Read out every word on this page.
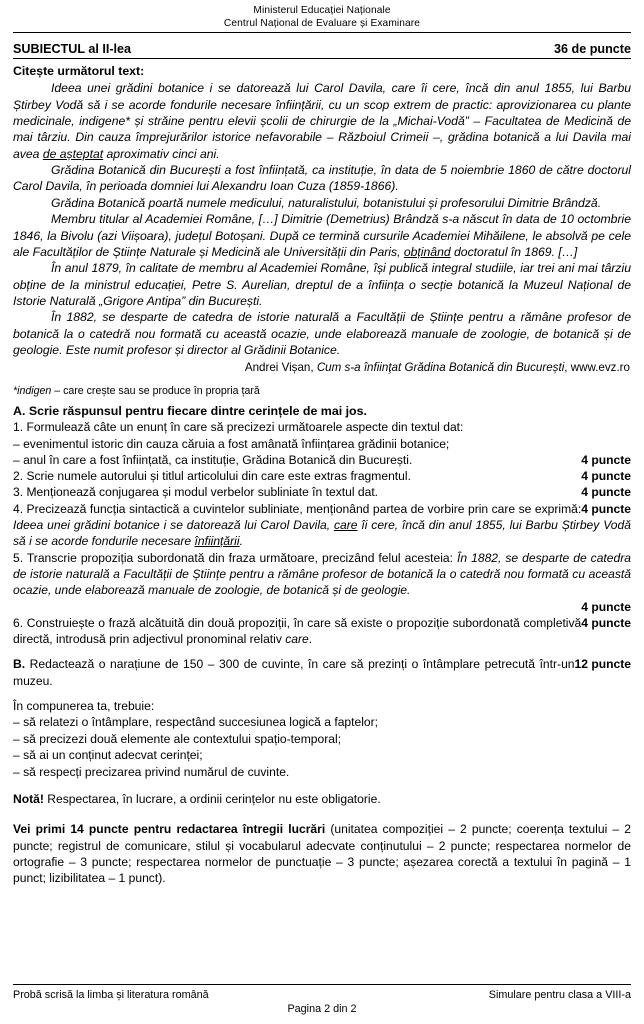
Ministerul Educației Naționale
Centrul Național de Evaluare și Examinare
SUBIECTUL al II-lea	36 de puncte
Citește următorul text:

Ideea unei grădini botanice i se datorează lui Carol Davila, care îi cere, încă din anul 1855, lui Barbu Știrbey Vodă să i se acorde fondurile necesare înființării, cu un scop extrem de practic: aprovizionarea cu plante medicinale, indigene* și străine pentru elevii școlii de chirurgie de la „Michai-Vodă” – Facultatea de Medicină de mai târziu. Din cauza împrejurărilor istorice nefavorabile – Războiul Crimeii –, grădina botanică a lui Davila mai avea de așteptat aproximativ cinci ani.

Grădina Botanică din București a fost înființată, ca instituție, în data de 5 noiembrie 1860 de către doctorul Carol Davila, în perioada domniei lui Alexandru Ioan Cuza (1859-1866).

Grădina Botanică poartă numele medicului, naturalistului, botanistului și profesorului Dimitrie Brândză.

Membru titular al Academiei Române, […] Dimitrie (Demetrius) Brândză s-a născut în data de 10 octombrie 1846, la Bivolu (azi Viișoara), județul Botoșani. După ce termină cursurile Academiei Mihăilene, le absolvă pe cele ale Facultăților de Științe Naturale și Medicină ale Universității din Paris, obținând doctoratul în 1869. […]

În anul 1879, în calitate de membru al Academiei Române, își publică integral studiile, iar trei ani mai târziu obține de la ministrul educației, Petre S. Aurelian, dreptul de a înființa o secție botanică la Muzeul Național de Istorie Naturală „Grigore Antipa” din București.

În 1882, se desparte de catedra de istorie naturală a Facultății de Științe pentru a rămâne profesor de botanică la o catedră nou formată cu această ocazie, unde elaborează manuale de zoologie, de botanică și de geologie. Este numit profesor și director al Grădinii Botanice.

Andrei Vișan, Cum s-a înfiinţat Grădina Botanică din București, www.evz.ro
*indigen – care crește sau se produce în propria țară
A. Scrie răspunsul pentru fiecare dintre cerințele de mai jos.
1. Formulează câte un enunț în care să precizezi următoarele aspecte din textul dat:
– evenimentul istoric din cauza căruia a fost amânată înființarea grădinii botanice;
4 puncte
– anul în care a fost înființată, ca instituție, Grădina Botanică din București.
4 puncte
2. Scrie numele autorului și titlul articolului din care este extras fragmentul.
4 puncte
3. Menționează conjugarea și modul verbelor subliniate în textul dat.
4 puncte
4. Precizează funcția sintactică a cuvintelor subliniate, menționând partea de vorbire prin care se exprimă: Ideea unei grădini botanice i se datorează lui Carol Davila, care îi cere, încă din anul 1855, lui Barbu Știrbey Vodă să i se acorde fondurile necesare înființării.
5. Transcrie propoziția subordonată din fraza următoare, precizând felul acesteia: În 1882, se desparte de catedra de istorie naturală a Facultății de Științe pentru a rămâne profesor de botanică la o catedră nou formată cu această ocazie, unde elaborează manuale de zoologie, de botanică și de geologie.
4 puncte
4 puncte
6. Construiește o frază alcătuită din două propoziții, în care să existe o propoziție subordonată completivă directă, introdusă prin adjectivul pronominal relativ care.
12 puncte
B. Redactează o narațiune de 150 – 300 de cuvinte, în care să prezinți o întâmplare petrecută într-un muzeu.
În compunerea ta, trebuie:
– să relatezi o întâmplare, respectând succesiunea logică a faptelor;
– să precizezi două elemente ale contextului spațio-temporal;
– să ai un conținut adecvat cerinței;
– să respecți precizarea privind numărul de cuvinte.
Notă! Respectarea, în lucrare, a ordinii cerințelor nu este obligatorie.
Vei primi 14 puncte pentru redactarea întregii lucrări (unitatea compoziției – 2 puncte; coerența textului – 2 puncte; registrul de comunicare, stilul și vocabularul adecvate conținutului – 2 puncte; respectarea normelor de ortografie – 3 puncte; respectarea normelor de punctuație – 3 puncte; așezarea corectă a textului în pagină – 1 punct; lizibilitatea – 1 punct).
Probă scrisă la limba și literatura română	Simulare pentru clasa a VIII-a
Pagina 2 din 2
